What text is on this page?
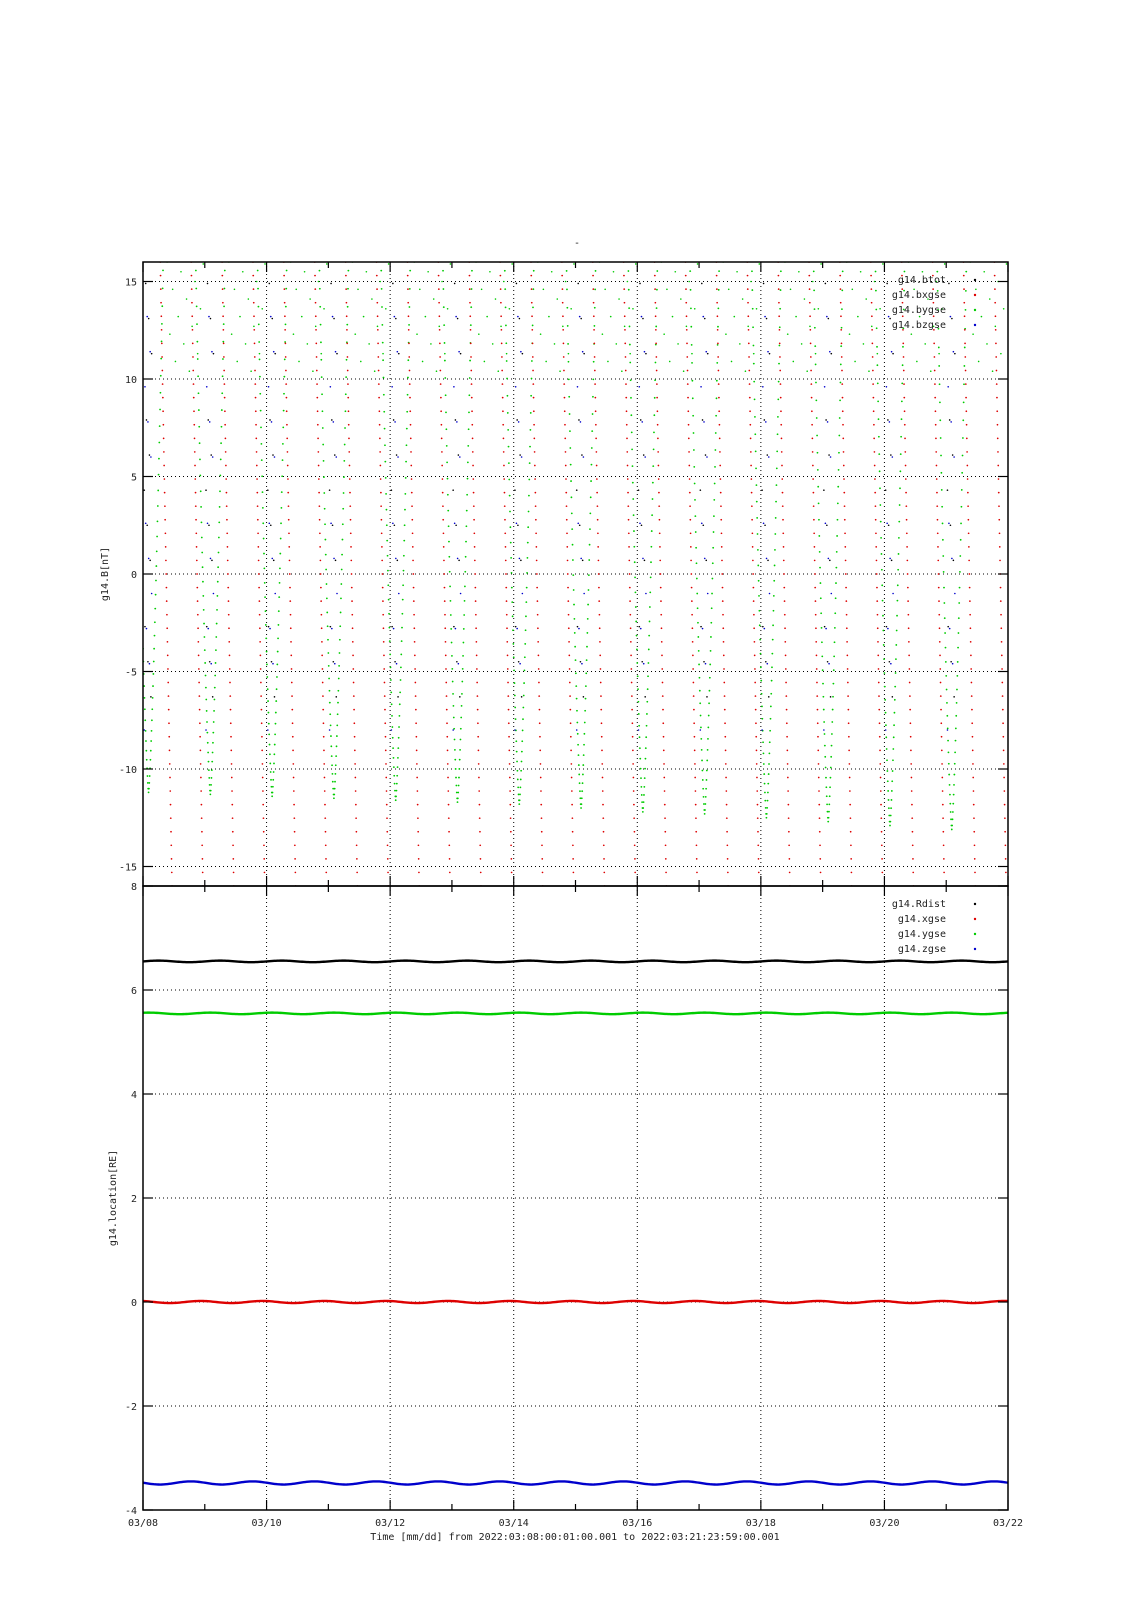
-
15
10
5
0
-5
-10
-15
g14.B[nT]
g14.btot
g14.bxgse
g14.bygse
g14.bzgse
8
6
4
2
0
-2
-4
g14.location[RE]
g14.Rdist
g14.xgse
g14.ygse
g14.zgse
03/08	03/10	03/12	03/14	03/16	03/18	03/20	03/22
Time [mm/dd] from 2022:03:08:00:01:00.001 to 2022:03:21:23:59:00.001
